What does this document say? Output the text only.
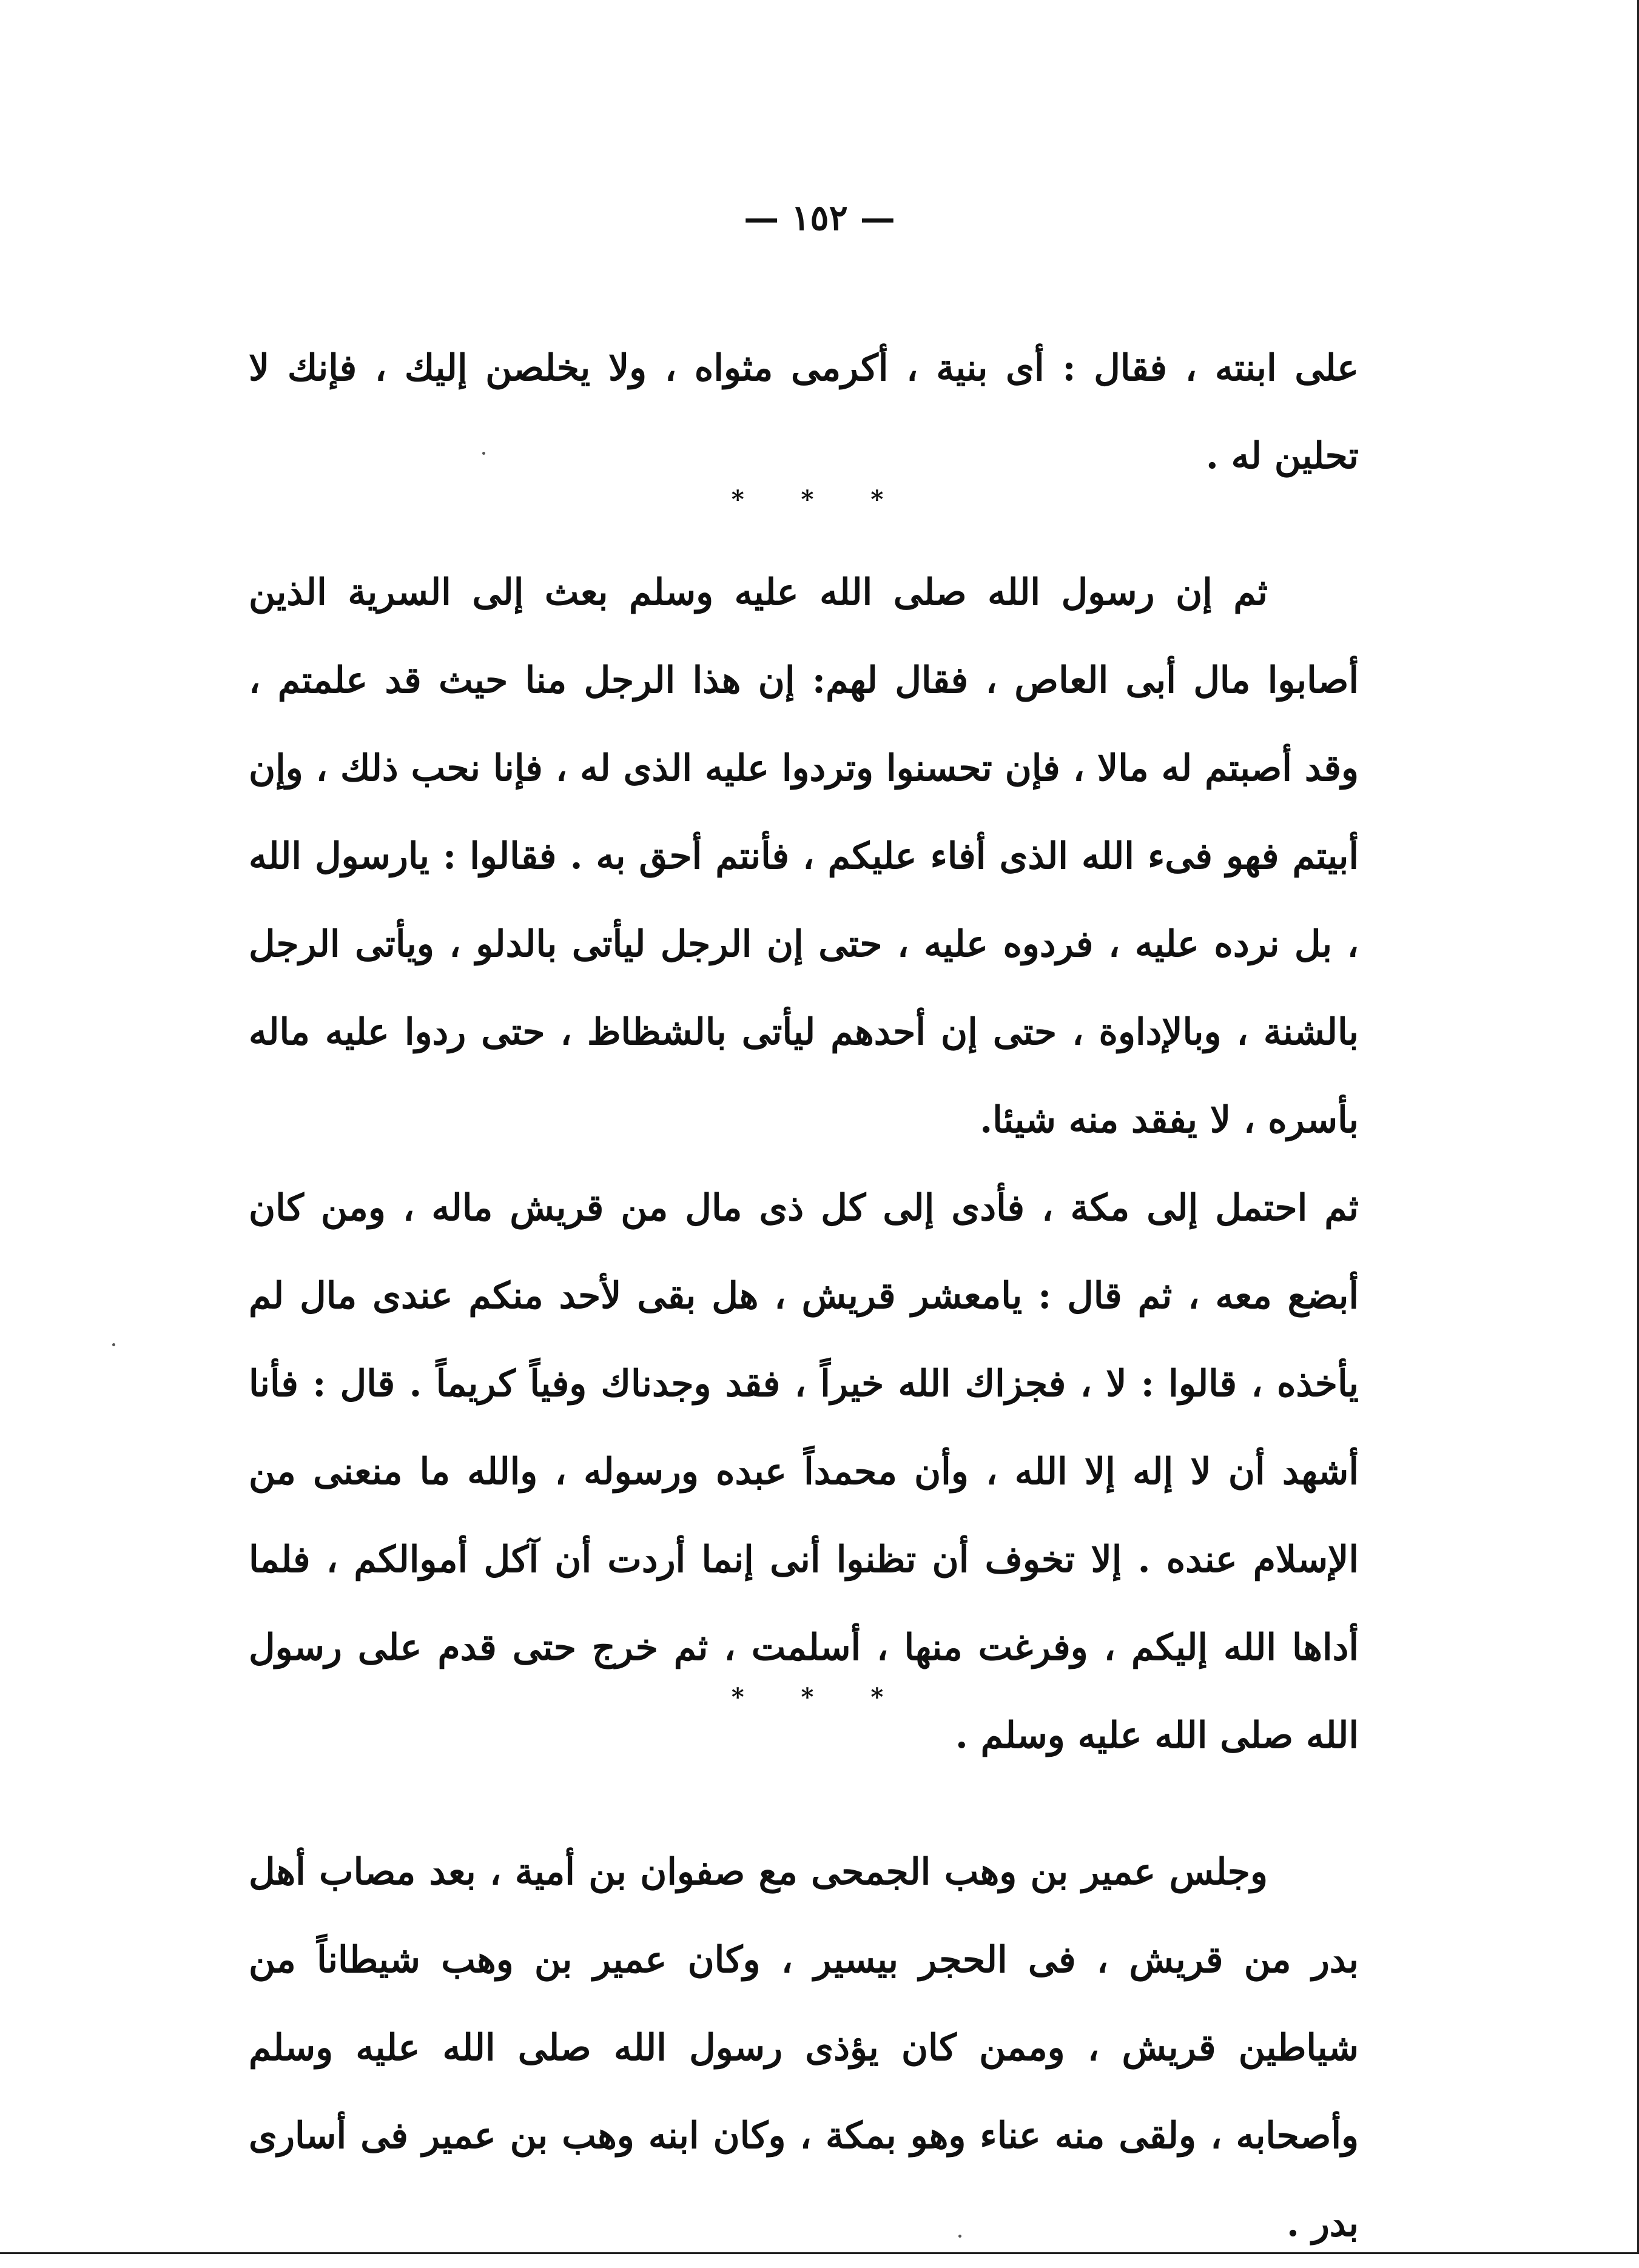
— ١٥٢ —

على ابنته ، فقال : أى بنية ، أكرمى مثواه ، ولا يخلصن إليك ، فإنك لا تحلين له .

* * *

ثم إن رسول الله صلى الله عليه وسلم بعث إلى السرية الذين أصابوا مال أبى العاص ، فقال لهم: إن هذا الرجل منا حيث قد علمتم ، وقد أصبتم له مالا ، فإن تحسنوا وتردوا عليه الذى له ، فإنا نحب ذلك ، وإن أبيتم فهو فىء الله الذى أفاء عليكم ، فأنتم أحق به . فقالوا : يارسول الله ، بل نرده عليه ، فردوه عليه ، حتى إن الرجل ليأتى بالدلو ، ويأتى الرجل بالشنة ، وبالإداوة ، حتى إن أحدهم ليأتى بالشظاظ ، حتى ردوا عليه ماله بأسره ، لا يفقد منه شيئا.

ثم احتمل إلى مكة ، فأدى إلى كل ذى مال من قريش ماله ، ومن كان أبضع معه ، ثم قال : يامعشر قريش ، هل بقى لأحد منكم عندى مال لم يأخذه ، قالوا : لا ، فجزاك الله خيراً ، فقد وجدناك وفياً كريماً . قال : فأنا أشهد أن لا إله إلا الله ، وأن محمداً عبده ورسوله ، والله ما منعنى من الإسلام عنده . إلا تخوف أن تظنوا أنى إنما أردت أن آكل أموالكم ، فلما أداها الله إليكم ، وفرغت منها ، أسلمت ، ثم خرج حتى قدم على رسول الله صلى الله عليه وسلم .

* * *

وجلس عمير بن وهب الجمحى مع صفوان بن أمية ، بعد مصاب أهل بدر من قريش ، فى الحجر بيسير ، وكان عمير بن وهب شيطاناً من شياطين قريش ، وممن كان يؤذى رسول الله صلى الله عليه وسلم وأصحابه ، ولقى منه عناء وهو بمكة ، وكان ابنه وهب بن عمير فى أسارى بدر .
